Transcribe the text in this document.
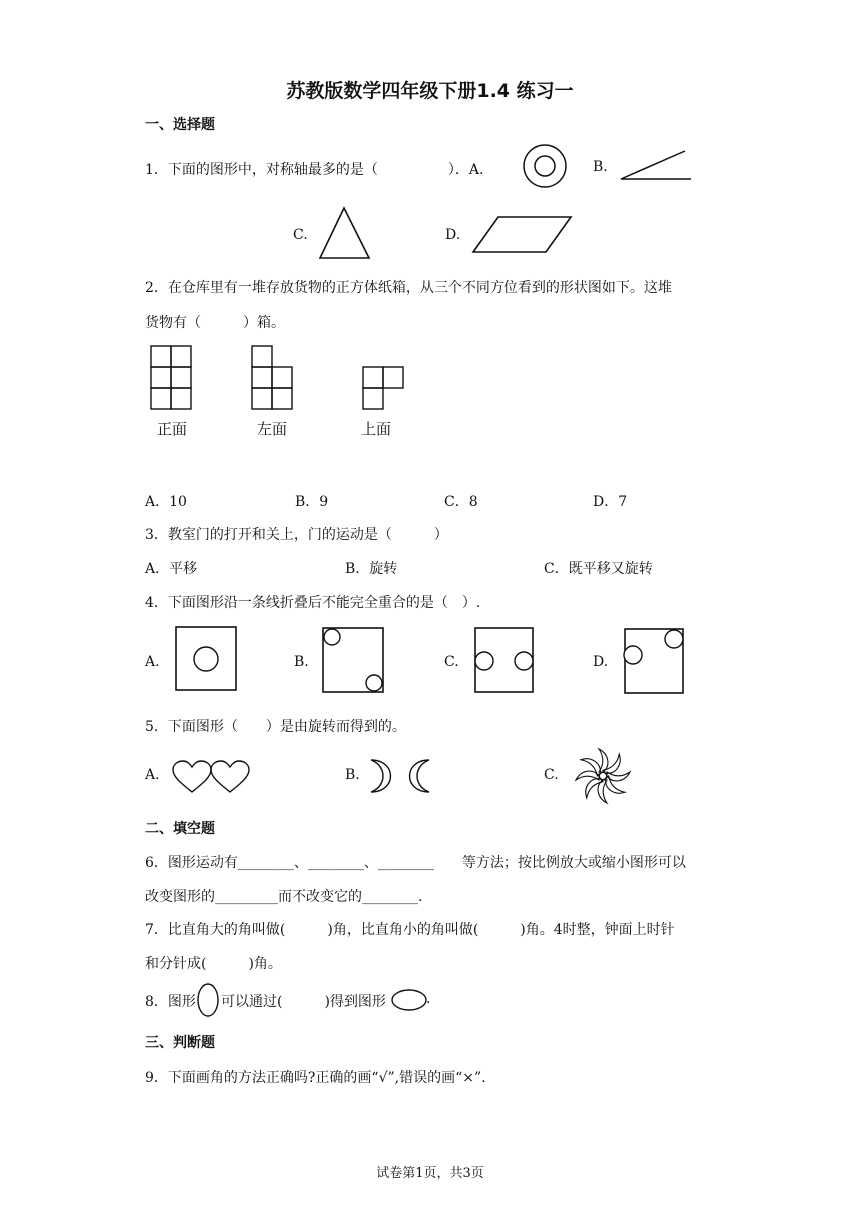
苏教版数学四年级下册1.4 练习一
一、选择题
1．下面的图形中，对称轴最多的是（　　　　　）．A.	B.
C.	D.
2．在仓库里有一堆存放货物的正方体纸箱，从三个不同方位看到的形状图如下。这堆
货物有（　　　）箱。
正面	左面	上面
A．10	B．9	C．8	D．7
3．教室门的打开和关上，门的运动是（　　　）
A．平移	B．旋转	C．既平移又旋转
4．下面图形沿一条线折叠后不能完全重合的是（　）.
A.	B.	C.	D.
5．下面图形（　　）是由旋转而得到的。
A.	B.	C.
二、填空题
6．图形运动有________、________、________　　等方法；按比例放大或缩小图形可以
改变图形的_________而不改变它的________.
7．比直角大的角叫做(　　　)角，比直角小的角叫做(　　　)角。4时整，钟面上时针
和分针成(　　　)角。
8．图形 可以通过(　　　)得到图形	.
三、判断题
9．下面画角的方法正确吗?正确的画“√”,错误的画“×”.
试卷第1页，共3页
